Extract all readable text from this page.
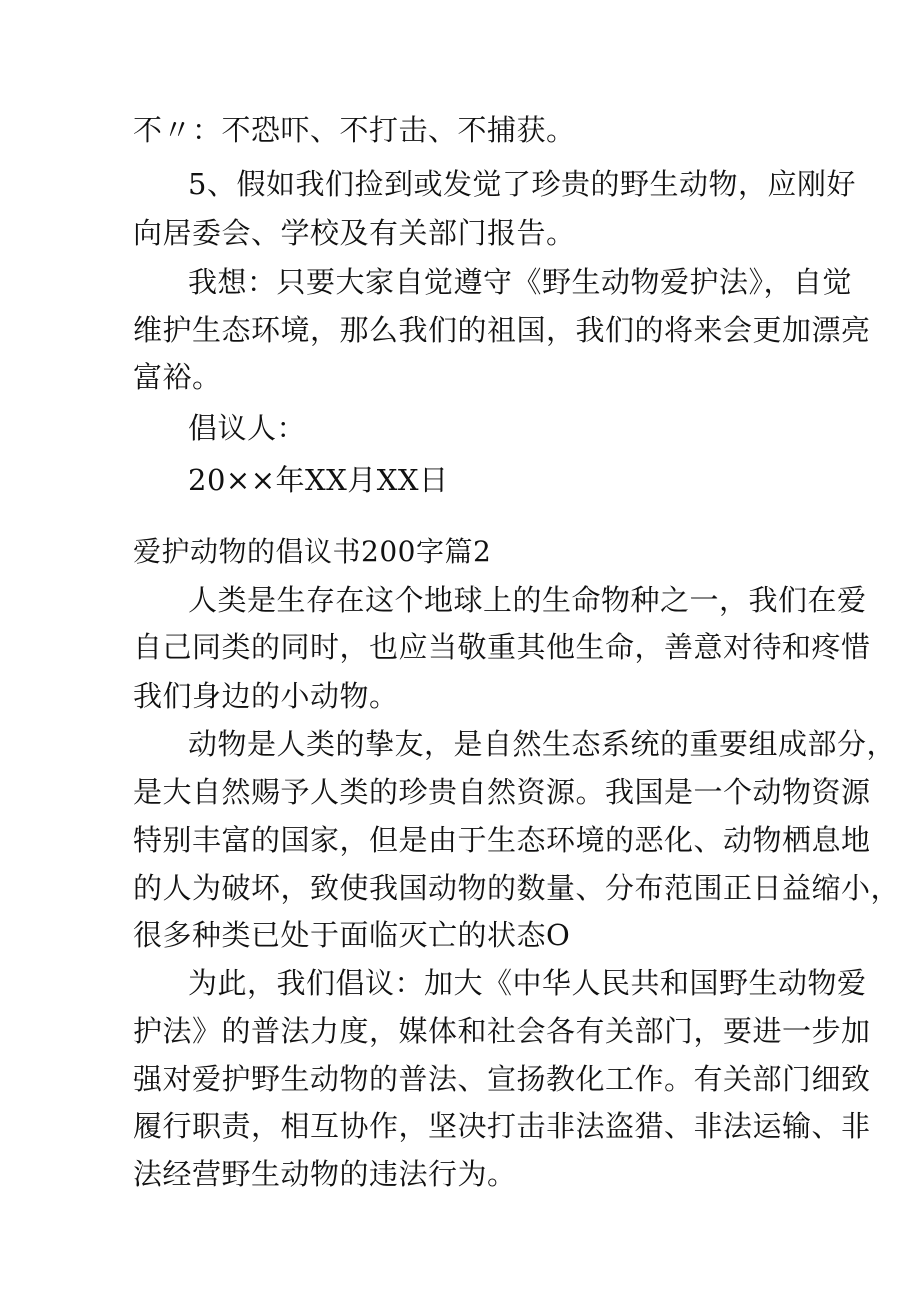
不〃：不恐吓、不打击、不捕获。
5、假如我们捡到或发觉了珍贵的野生动物，应刚好
向居委会、学校及有关部门报告。
我想：只要大家自觉遵守《野生动物爱护法》，自觉
维护生态环境，那么我们的祖国，我们的将来会更加漂亮
富裕。
倡议人：
20××年XX月XX日
爱护动物的倡议书200字篇2
人类是生存在这个地球上的生命物种之一，我们在爱
自己同类的同时，也应当敬重其他生命，善意对待和疼惜
我们身边的小动物。
动物是人类的挚友，是自然生态系统的重要组成部分，
是大自然赐予人类的珍贵自然资源。我国是一个动物资源
特别丰富的国家，但是由于生态环境的恶化、动物栖息地
的人为破坏，致使我国动物的数量、分布范围正日益缩小，
很多种类已处于面临灭亡的状态O
为此，我们倡议：加大《中华人民共和国野生动物爱
护法》的普法力度，媒体和社会各有关部门，要进一步加
强对爱护野生动物的普法、宣扬教化工作。有关部门细致
履行职责，相互协作，坚决打击非法盗猎、非法运输、非
法经营野生动物的违法行为。
